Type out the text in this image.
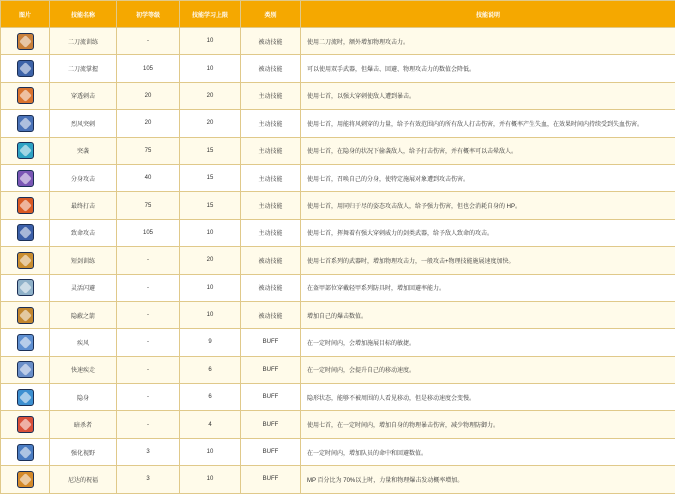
图片	技能名称	初学等级	技能学习上限	类别	技能说明
	二刀流训练	-	10	被动技能	使用二刀流时，额外增加物理攻击力。
	二刀流掌握	105	10	被动技能	可以使用双手武器，但爆击、回避、物理攻击力的数值会降低。
	穿透刺击	20	20	主动技能	使用七首，以强大穿刺使敌人遭到暴击。
	烈风突刺	20	20	主动技能	使用七首，用能将风刺穿的力量，给予有效范围内的所有敌人打击伤害，并有概率产生失血，在效果时间内持续受到失血伤害。
	突袭	75	15	主动技能	使用七首，在隐身的状况下偷袭敌人，给予打击伤害，并有概率可以击晕敌人。
	分身攻击	40	15	主动技能	使用七首，召唤自己的分身，使特定施展对象遭到攻击伤害。
	最终打击	75	15	主动技能	使用七首，用同归于尽的姿态攻击敌人，给予强力伤害，但也会消耗自身的 HP。
	致命攻击	105	10	主动技能	使用七首，挥舞着有强大穿刺威力的剑类武器，给予敌人致命的攻击。
	短剑训练	-	20	被动技能	使用七首系列的武器时，增加物理攻击力，一般攻击+物理技能施展速度加快。
	灵活闪避	-	10	被动技能	在盔甲部位穿戴轻甲系列防具时，增加回避率能力。
	隐蔽之箭	-	10	被动技能	增加自己的爆击数值。
	疾风	-	9	BUFF	在一定时间内，会增加施展目标的敏捷。
	快速疾走	-	6	BUFF	在一定时间内，会提升自己的移动速度。
	隐身	-	6	BUFF	隐形状态，能够不被周围的人看见移动，但是移动速度会变慢。
	暗杀者	-	4	BUFF	使用七首，在一定时间内，增加自身的物理暴击伤害，减少物理防御力。
	强化视野	3	10	BUFF	在一定时间内，增加队员的命中和回避数值。
	尼达的祝福	3	10	BUFF	MP 百分比为 70%以上时，力量和物理爆击发动概率增加。
